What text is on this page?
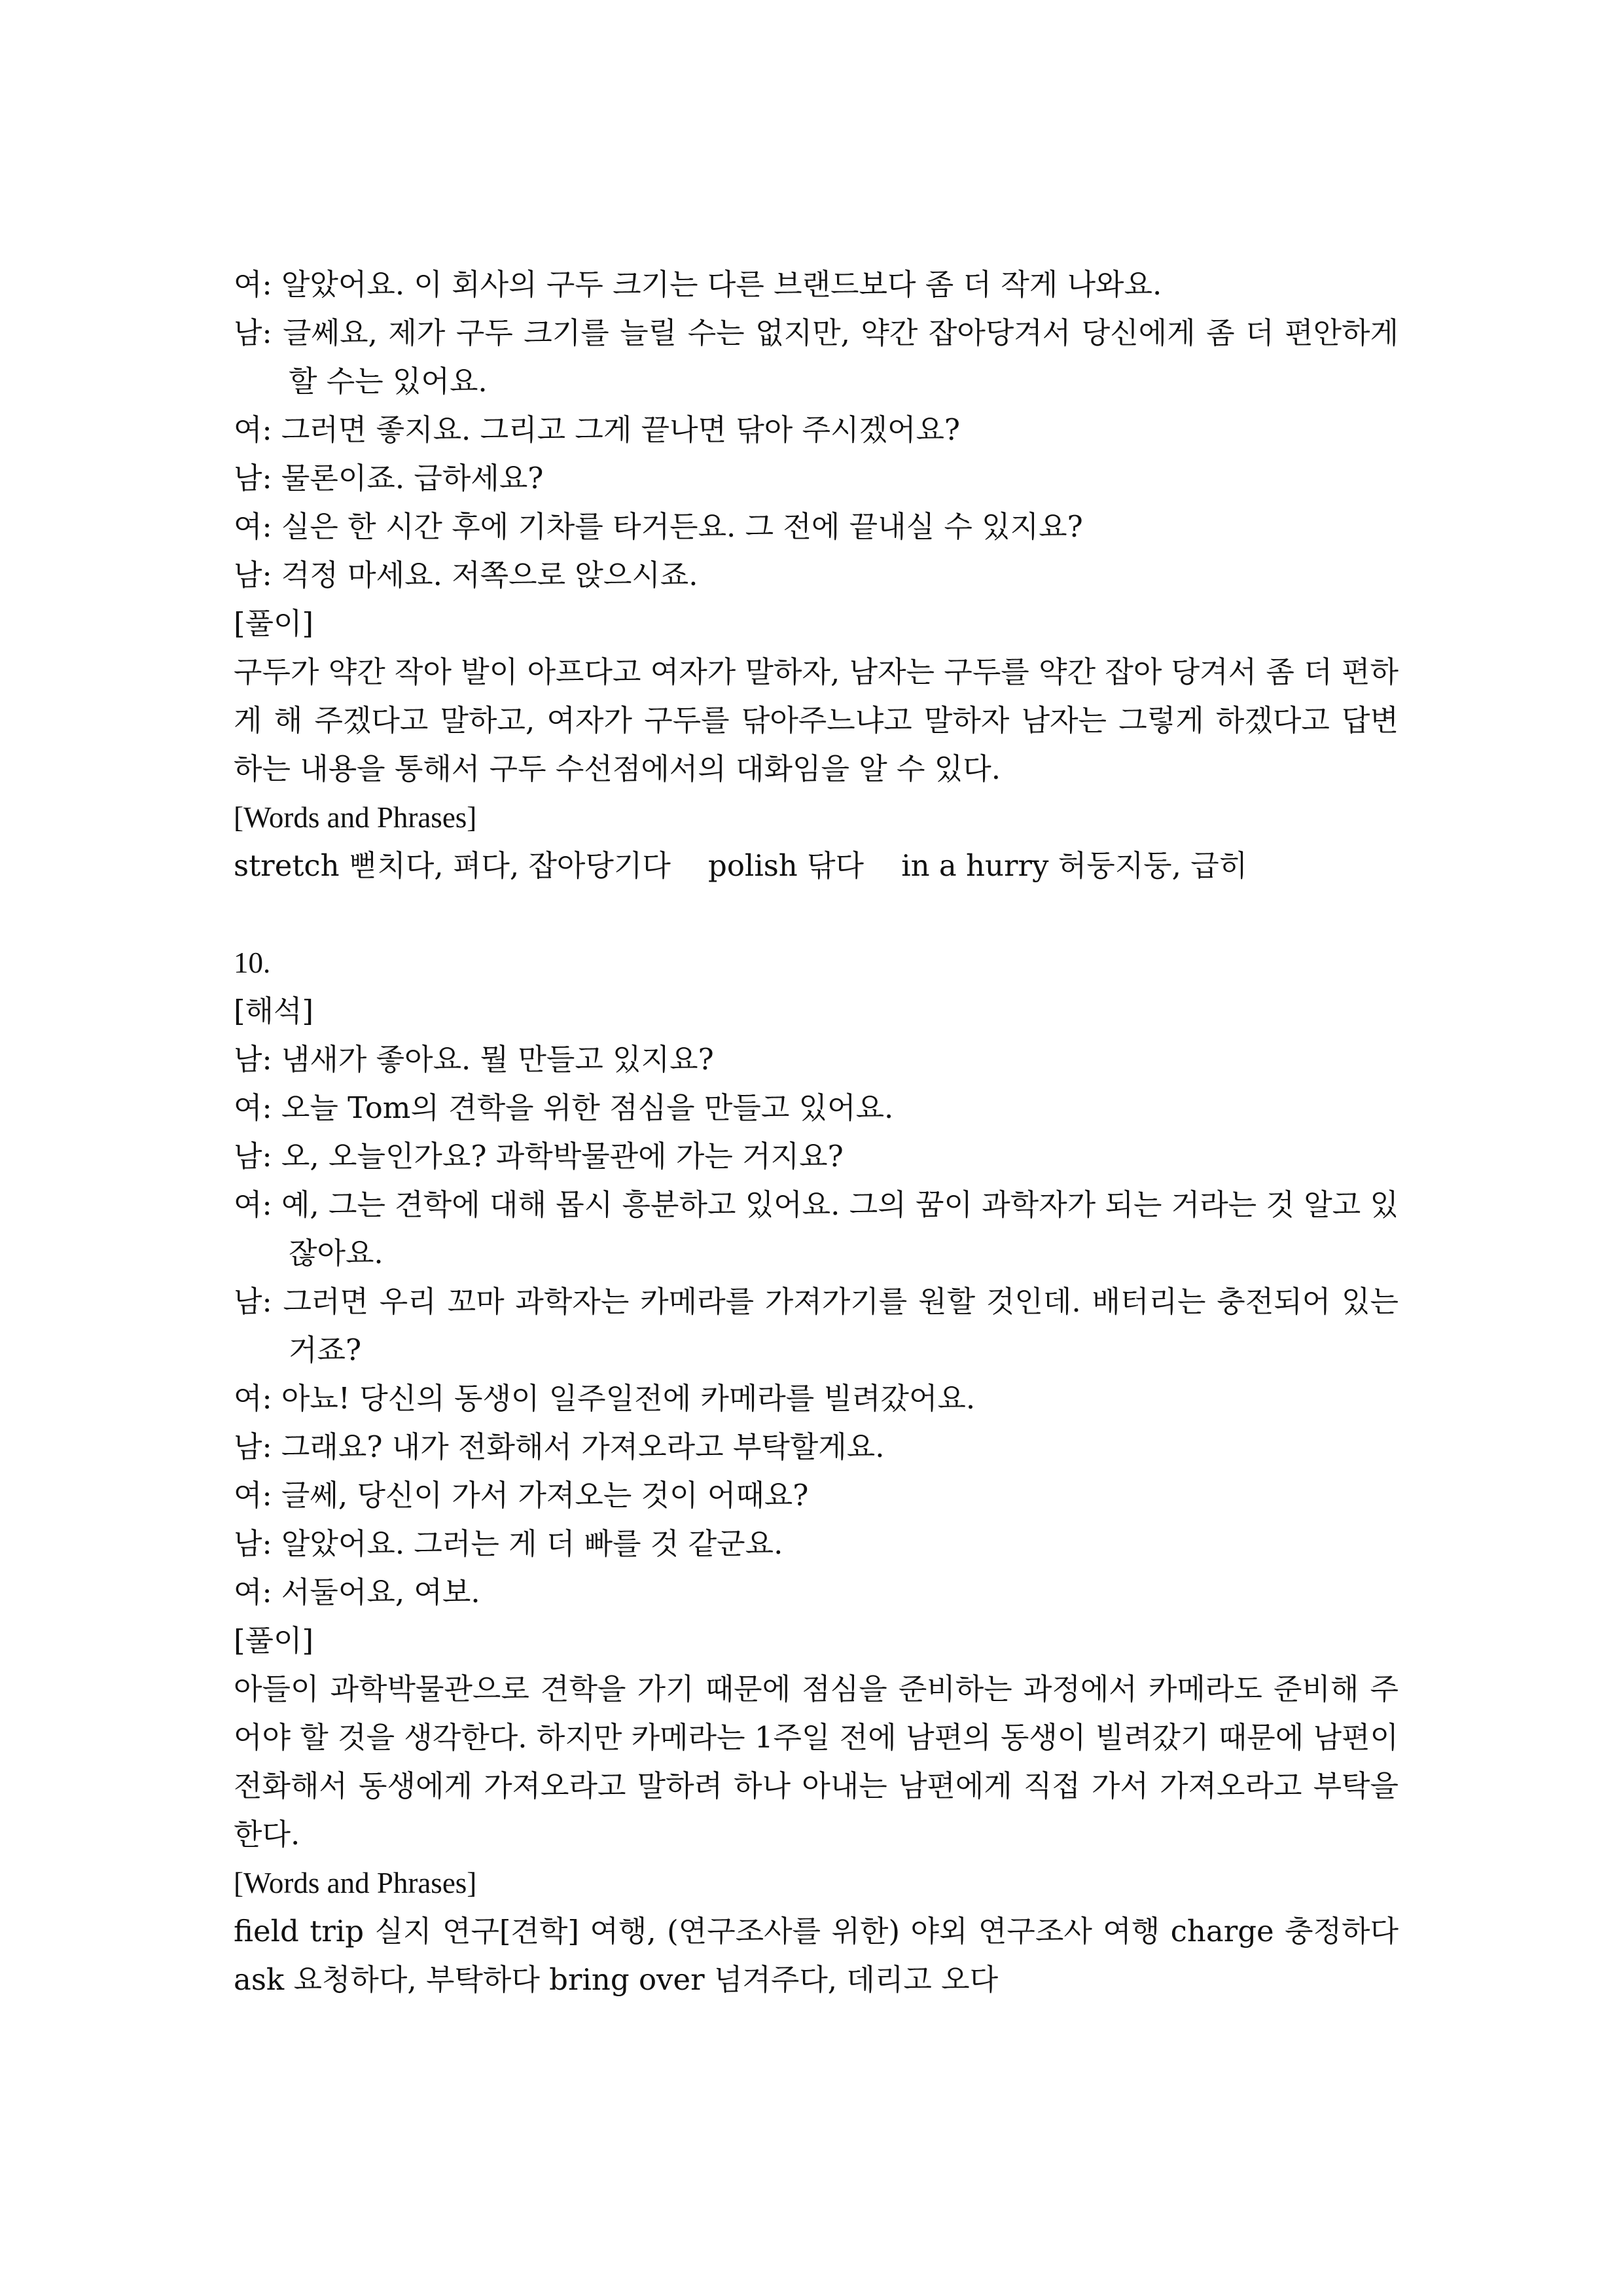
여: 알았어요. 이 회사의 구두 크기는 다른 브랜드보다 좀 더 작게 나와요.
남: 글쎄요, 제가 구두 크기를 늘릴 수는 없지만, 약간 잡아당겨서 당신에게 좀 더 편안하게 할 수는 있어요.
여: 그러면 좋지요. 그리고 그게 끝나면 닦아 주시겠어요?
남: 물론이죠. 급하세요?
여: 실은 한 시간 후에 기차를 타거든요. 그 전에 끝내실 수 있지요?
남: 걱정 마세요. 저쪽으로 앉으시죠.
[풀이]
구두가 약간 작아 발이 아프다고 여자가 말하자, 남자는 구두를 약간 잡아 당겨서 좀 더 편하게 해 주겠다고 말하고, 여자가 구두를 닦아주느냐고 말하자 남자는 그렇게 하겠다고 답변하는 내용을 통해서 구두 수선점에서의 대화임을 알 수 있다.
[Words and Phrases]
stretch 뻗치다, 펴다, 잡아당기다    polish 닦다    in a hurry 허둥지둥, 급히
10.
[해석]
남: 냄새가 좋아요. 뭘 만들고 있지요?
여: 오늘 Tom의 견학을 위한 점심을 만들고 있어요.
남: 오, 오늘인가요? 과학박물관에 가는 거지요?
여: 예, 그는 견학에 대해 몹시 흥분하고 있어요. 그의 꿈이 과학자가 되는 거라는 것 알고 있잖아요.
남: 그러면 우리 꼬마 과학자는 카메라를 가져가기를 원할 것인데. 배터리는 충전되어 있는 거죠?
여: 아뇨! 당신의 동생이 일주일전에 카메라를 빌려갔어요.
남: 그래요? 내가 전화해서 가져오라고 부탁할게요.
여: 글쎄, 당신이 가서 가져오는 것이 어때요?
남: 알았어요. 그러는 게 더 빠를 것 같군요.
여: 서둘어요, 여보.
[풀이]
아들이 과학박물관으로 견학을 가기 때문에 점심을 준비하는 과정에서 카메라도 준비해 주어야 할 것을 생각한다. 하지만 카메라는 1주일 전에 남편의 동생이 빌려갔기 때문에 남편이 전화해서 동생에게 가져오라고 말하려 하나 아내는 남편에게 직접 가서 가져오라고 부탁을 한다.
[Words and Phrases]
field trip 실지 연구[견학] 여행, (연구조사를 위한) 야외 연구조사 여행 charge 충정하다 ask 요청하다, 부탁하다 bring over 넘겨주다, 데리고 오다
